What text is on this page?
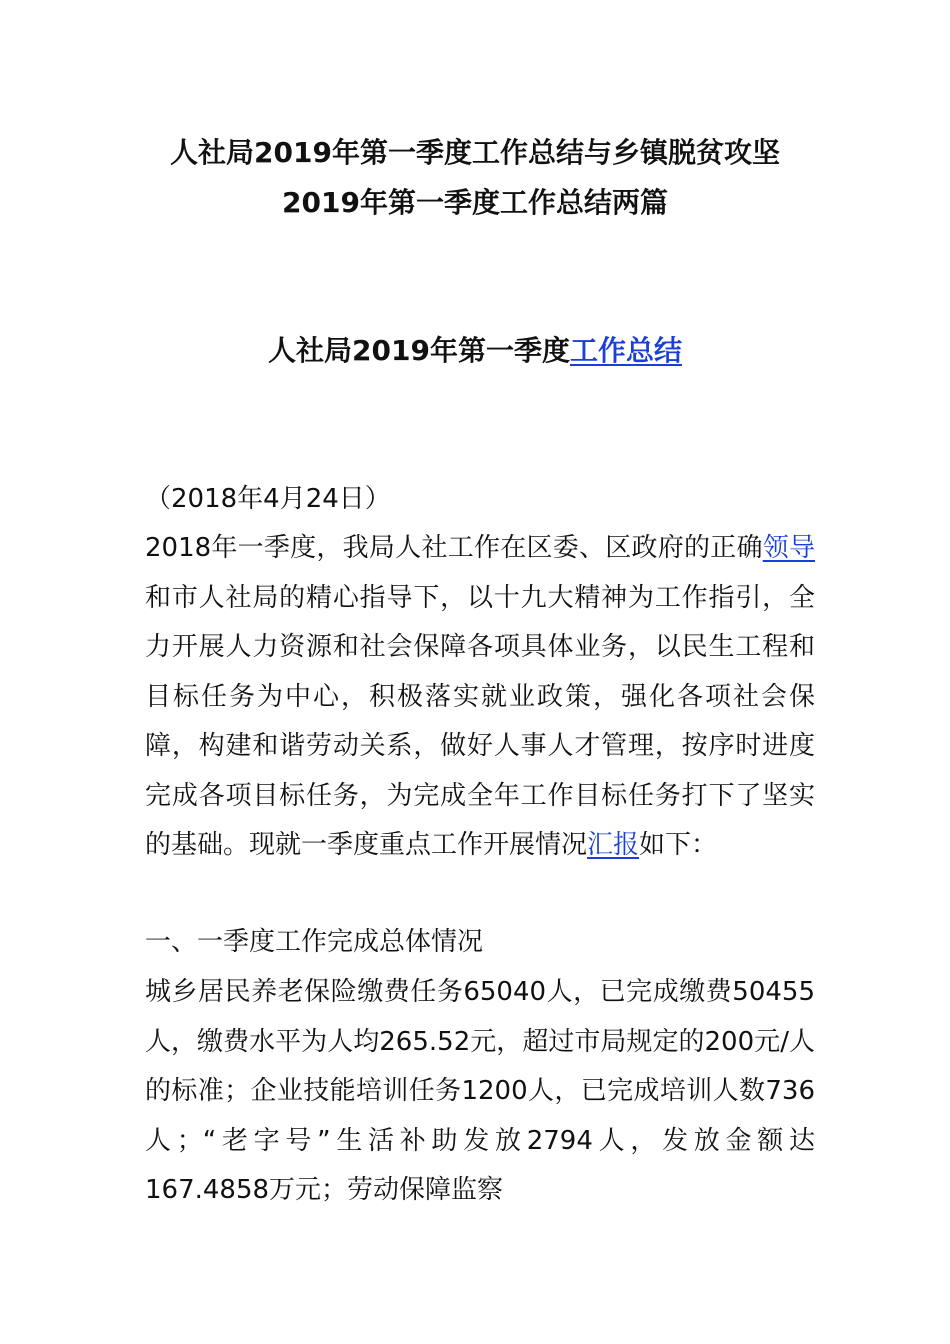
人社局2019年第一季度工作总结与乡镇脱贫攻坚
2019年第一季度工作总结两篇
人社局2019年第一季度工作总结

（2018年4月24日）

2018年一季度，我局人社工作在区委、区政府的正确领导和市人社局的精心指导下，以十九大精神为工作指引，全力开展人力资源和社会保障各项具体业务，以民生工程和目标任务为中心，积极落实就业政策，强化各项社会保障，构建和谐劳动关系，做好人事人才管理，按序时进度完成各项目标任务，为完成全年工作目标任务打下了坚实的基础。现就一季度重点工作开展情况汇报如下：

一、一季度工作完成总体情况

城乡居民养老保险缴费任务65040人，已完成缴费50455人，缴费水平为人均265.52元，超过市局规定的200元/人的标准；企业技能培训任务1200人，已完成培训人数736人；“老字号”生活补助发放2794人，发放金额达167.4858万元；劳动保障监察
